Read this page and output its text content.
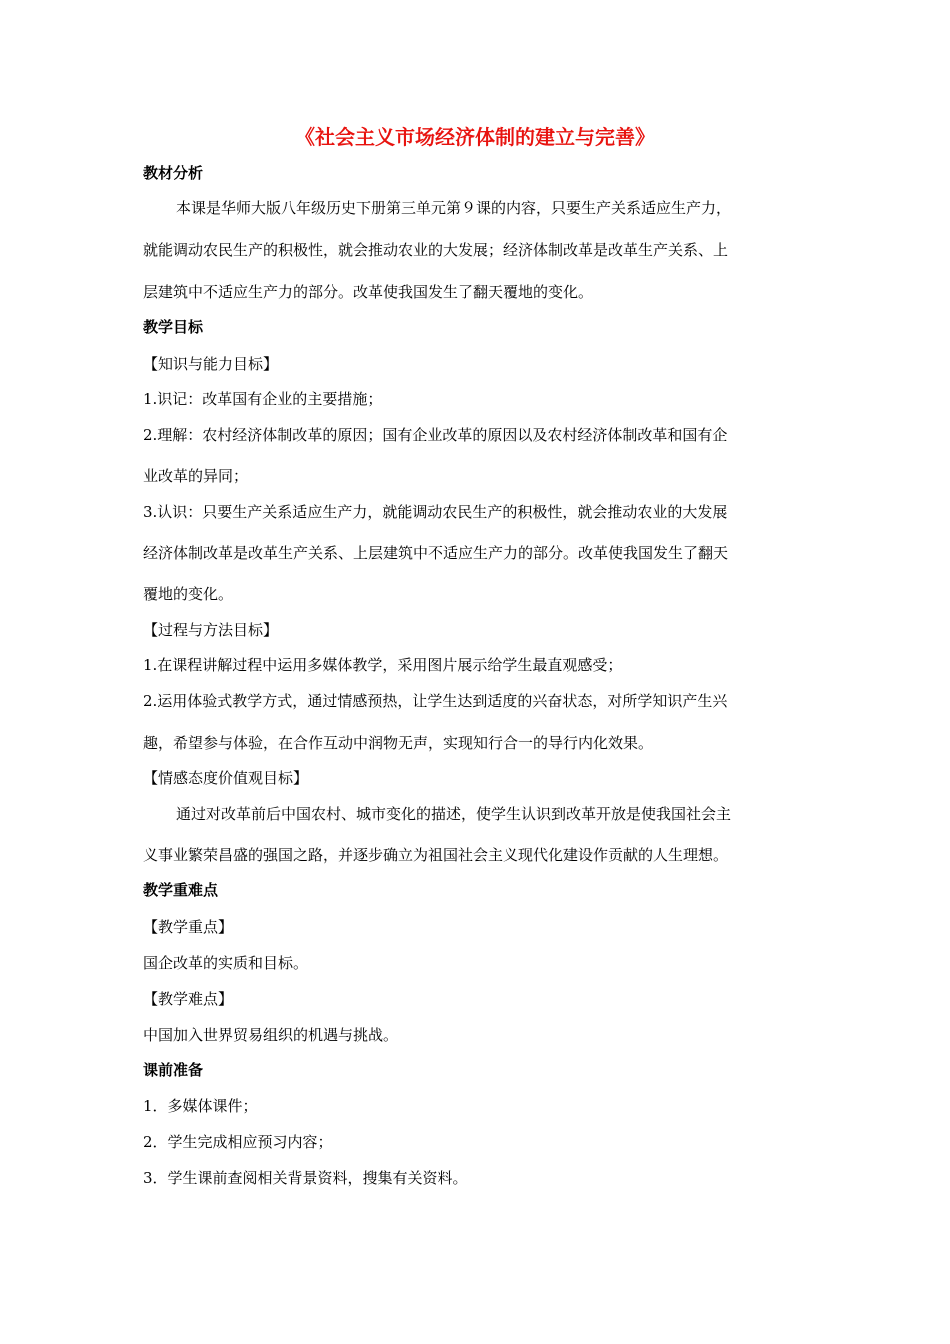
《社会主义市场经济体制的建立与完善》
教材分析
本课是华师大版八年级历史下册第三单元第９课的内容，只要生产关系适应生产力，
就能调动农民生产的积极性，就会推动农业的大发展；经济体制改革是改革生产关系、上
层建筑中不适应生产力的部分。改革使我国发生了翻天覆地的变化。
教学目标
【知识与能力目标】
1.识记：改革国有企业的主要措施；
2.理解：农村经济体制改革的原因；国有企业改革的原因以及农村经济体制改革和国有企
业改革的异同；
3.认识：只要生产关系适应生产力，就能调动农民生产的积极性，就会推动农业的大发展
经济体制改革是改革生产关系、上层建筑中不适应生产力的部分。改革使我国发生了翻天
覆地的变化。
【过程与方法目标】
1.在课程讲解过程中运用多媒体教学，采用图片展示给学生最直观感受；
2.运用体验式教学方式，通过情感预热，让学生达到适度的兴奋状态，对所学知识产生兴
趣，希望参与体验，在合作互动中润物无声，实现知行合一的导行内化效果。
【情感态度价值观目标】
通过对改革前后中国农村、城市变化的描述，使学生认识到改革开放是使我国社会主
义事业繁荣昌盛的强国之路，并逐步确立为祖国社会主义现代化建设作贡献的人生理想。
教学重难点
【教学重点】
国企改革的实质和目标。
【教学难点】
中国加入世界贸易组织的机遇与挑战。
课前准备
1．多媒体课件；
2．学生完成相应预习内容；
3．学生课前查阅相关背景资料，搜集有关资料。
